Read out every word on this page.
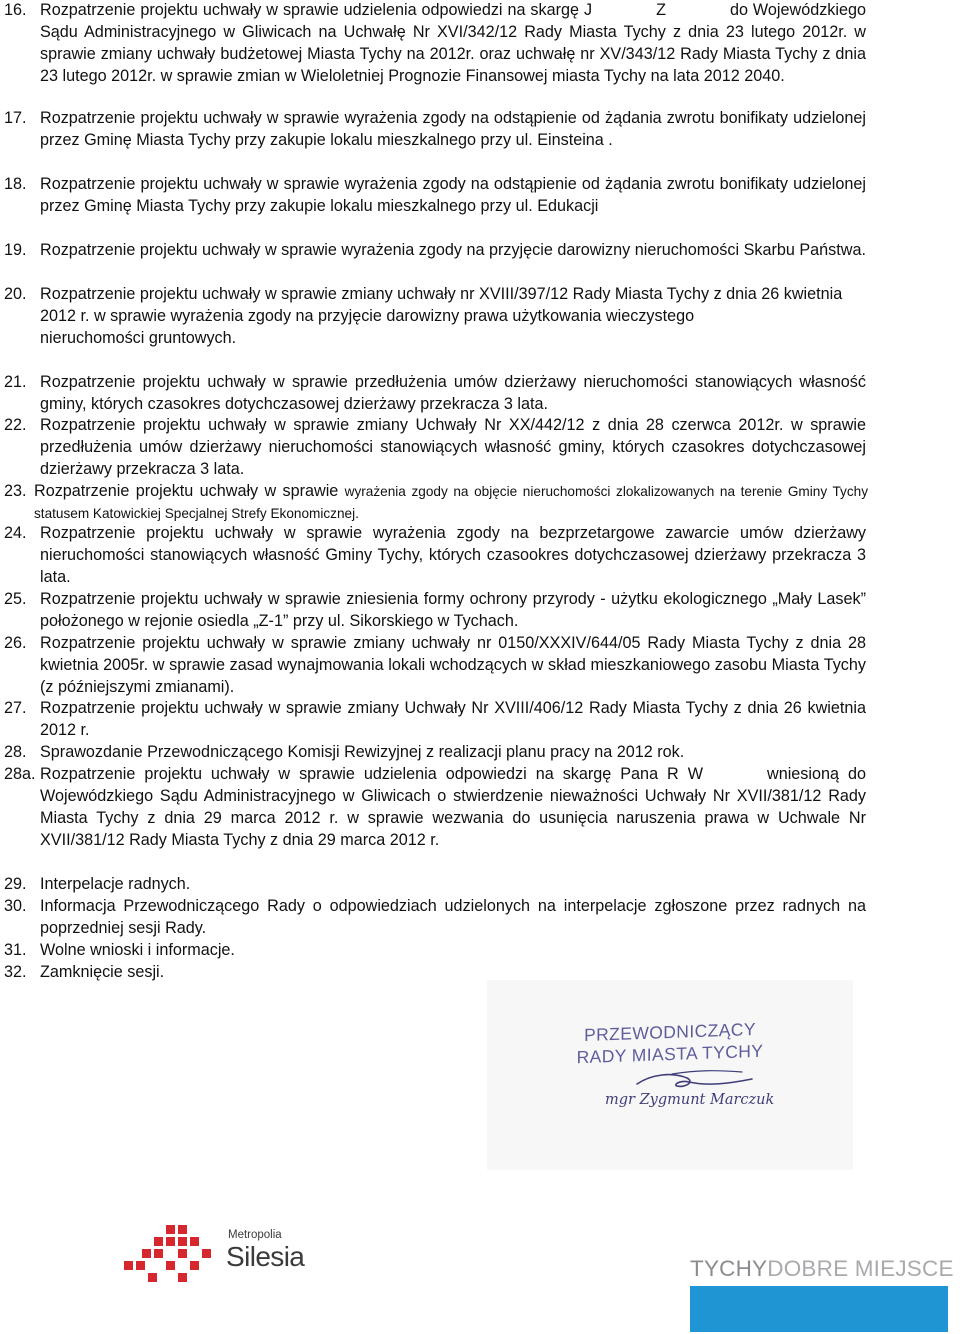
16. Rozpatrzenie projektu uchwały w sprawie udzielenia odpowiedzi na skargę J	Z	do Wojewódzkiego Sądu Administracyjnego w Gliwicach na Uchwałę Nr XVI/342/12 Rady Miasta Tychy z dnia 23 lutego 2012r. w sprawie zmiany uchwały budżetowej Miasta Tychy na 2012r. oraz uchwałę nr XV/343/12 Rady Miasta Tychy z dnia 23 lutego 2012r. w sprawie zmian w Wieloletniej Prognozie Finansowej miasta Tychy na lata 2012 2040.
17. Rozpatrzenie projektu uchwały w sprawie wyrażenia zgody na odstąpienie od żądania zwrotu bonifikaty udzielonej przez Gminę Miasta Tychy przy zakupie lokalu mieszkalnego przy ul. Einsteina .
18. Rozpatrzenie projektu uchwały w sprawie wyrażenia zgody na odstąpienie od żądania zwrotu bonifikaty udzielonej przez Gminę Miasta Tychy przy zakupie lokalu mieszkalnego przy ul. Edukacji
19. Rozpatrzenie projektu uchwały w sprawie wyrażenia zgody na przyjęcie darowizny nieruchomości Skarbu Państwa.
20. Rozpatrzenie projektu uchwały w sprawie zmiany uchwały nr XVIII/397/12 Rady Miasta Tychy z dnia 26 kwietnia 2012 r. w sprawie wyrażenia zgody na przyjęcie darowizny prawa użytkowania wieczystego
nieruchomości gruntowych.
21. Rozpatrzenie projektu uchwały w sprawie przedłużenia umów dzierżawy nieruchomości stanowiących własność gminy, których czasokres dotychczasowej dzierżawy przekracza 3 lata.
22. Rozpatrzenie projektu uchwały w sprawie zmiany Uchwały Nr XX/442/12 z dnia 28 czerwca 2012r. w sprawie przedłużenia umów dzierżawy nieruchomości stanowiących własność gminy, których czasokres dotychczasowej dzierżawy przekracza 3 lata.
23. Rozpatrzenie projektu uchwały w sprawie wyrażenia zgody na objęcie nieruchomości zlokalizowanych na terenie Gminy Tychy statusem Katowickiej Specjalnej Strefy Ekonomicznej.
24. Rozpatrzenie projektu uchwały w sprawie wyrażenia zgody na bezprzetargowe zawarcie umów dzierżawy nieruchomości stanowiących własność Gminy Tychy, których czasookres dotychczasowej dzierżawy przekracza 3 lata.
25. Rozpatrzenie projektu uchwały w sprawie zniesienia formy ochrony przyrody - użytku ekologicznego „Mały Lasek” położonego w rejonie osiedla „Z-1” przy ul. Sikorskiego w Tychach.
26. Rozpatrzenie projektu uchwały w sprawie zmiany uchwały nr 0150/XXXIV/644/05 Rady Miasta Tychy z dnia 28 kwietnia 2005r. w sprawie zasad wynajmowania lokali wchodzących w skład mieszkaniowego zasobu Miasta Tychy (z późniejszymi zmianami).
27. Rozpatrzenie projektu uchwały w sprawie zmiany Uchwały Nr XVIII/406/12 Rady Miasta Tychy z dnia 26 kwietnia 2012 r.
28. Sprawozdanie Przewodniczącego Komisji Rewizyjnej z realizacji planu pracy na 2012 rok.
28a. Rozpatrzenie projektu uchwały w sprawie udzielenia odpowiedzi na skargę Pana R W	wniesioną do Wojewódzkiego Sądu Administracyjnego w Gliwicach o stwierdzenie nieważności Uchwały Nr XVII/381/12 Rady Miasta Tychy z dnia 29 marca 2012 r. w sprawie wezwania do usunięcia naruszenia prawa w Uchwale Nr XVII/381/12 Rady Miasta Tychy z dnia 29 marca 2012 r.
29. Interpelacje radnych.
30. Informacja Przewodniczącego Rady o odpowiedziach udzielonych na interpelacje zgłoszone przez radnych na poprzedniej sesji Rady.
31. Wolne wnioski i informacje.
32. Zamknięcie sesji.
PRZEWODNICZĄCY
RADY MIASTA TYCHY
mgr Zygmunt Marczuk
Metropolia
Silesia	TYCHYDOBRE MIEJSCE
